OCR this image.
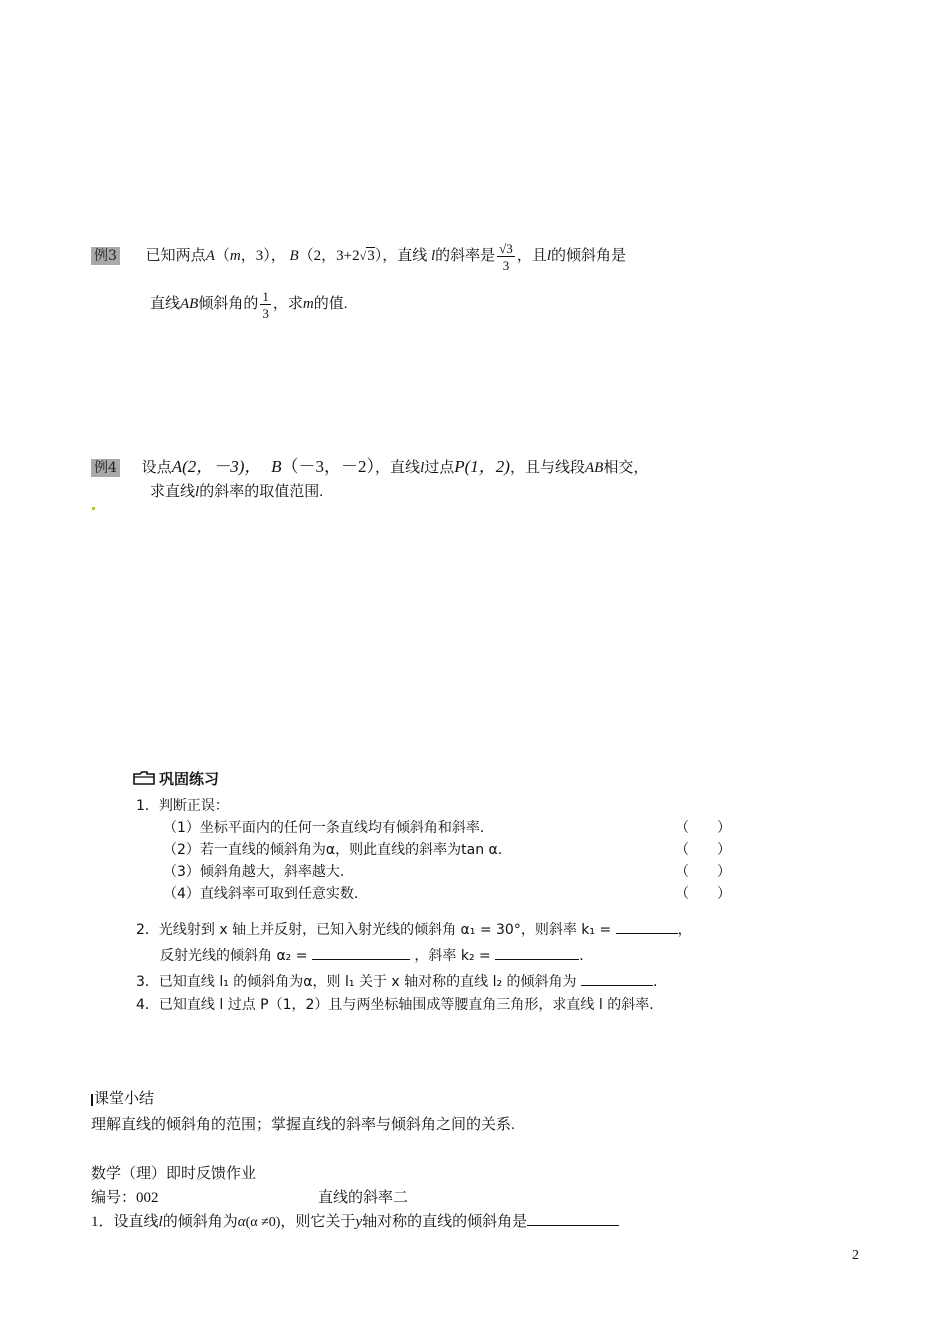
例3 已知两点A（m，3）， B（2，3+2√3），直线 l的斜率是 $\frac{√3}{3}$ ，且l的倾斜角是
直线AB倾斜角的 $\frac{1}{3}$ ，求m的值.
例4 设点A(2，－3)， B（－3，－2），直线l过点P(1，2)，且与线段AB相交，
求直线l的斜率的取值范围.
巩固练习
1．判断正误：
（1）坐标平面内的任何一条直线均有倾斜角和斜率.	（　　）
（2）若一直线的倾斜角为α，则此直线的斜率为tan α.	（　　）
（3）倾斜角越大，斜率越大.	（　　）
（4）直线斜率可取到任意实数.	（　　）
2．光线射到 x 轴上并反射，已知入射光线的倾斜角 α₁ = 30°，则斜率 k₁ =	，
反射光线的倾斜角 α₂ =	，斜率 k₂ =	.
3．已知直线 l₁ 的倾斜角为α，则 l₁ 关于 x 轴对称的直线 l₂ 的倾斜角为	.
4．已知直线 l 过点 P（1，2）且与两坐标轴围成等腰直角三角形，求直线 l 的斜率.
课堂小结
理解直线的倾斜角的范围；掌握直线的斜率与倾斜角之间的关系.
数学（理）即时反馈作业
编号：002	直线的斜率二
1．设直线l的倾斜角为α(α ≠0)，则它关于y轴对称的直线的倾斜角是
2
